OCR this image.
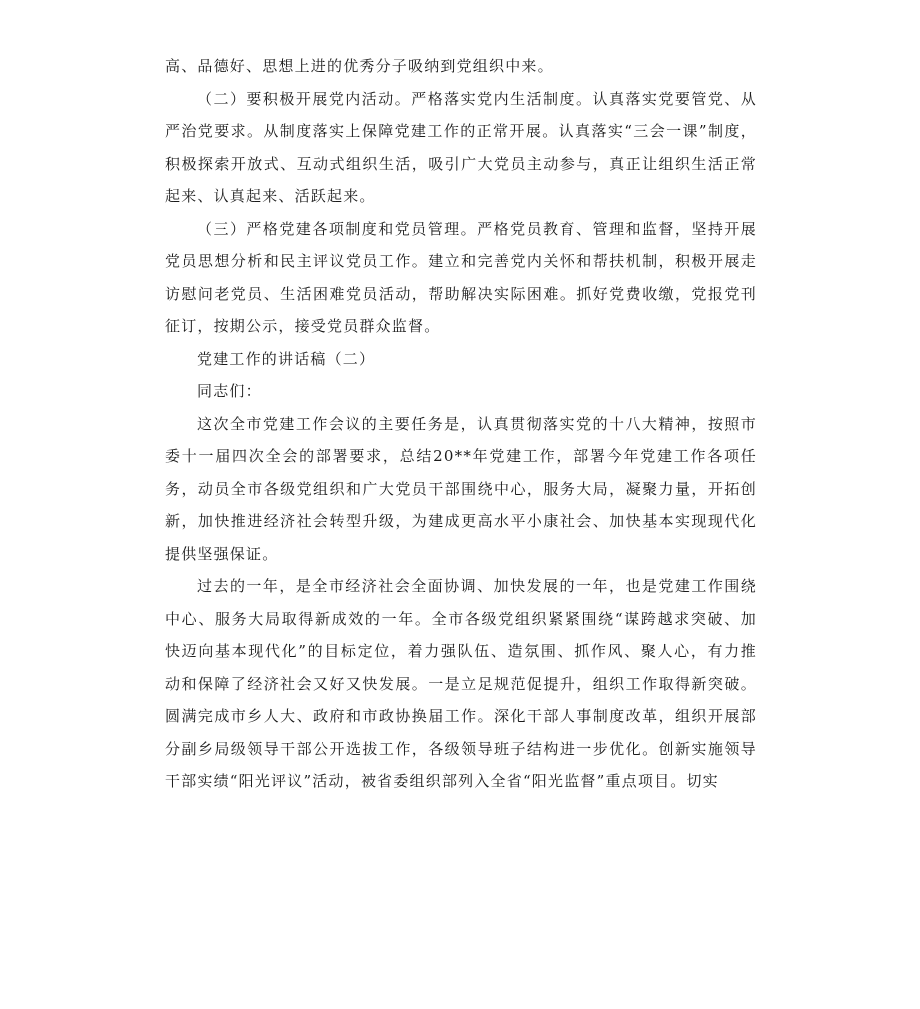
高、品德好、思想上进的优秀分子吸纳到党组织中来。

（二）要积极开展党内活动。严格落实党内生活制度。认真落实党要管党、从严治党要求。从制度落实上保障党建工作的正常开展。认真落实“三会一课”制度，积极探索开放式、互动式组织生活，吸引广大党员主动参与，真正让组织生活正常起来、认真起来、活跃起来。

（三）严格党建各项制度和党员管理。严格党员教育、管理和监督，坚持开展党员思想分析和民主评议党员工作。建立和完善党内关怀和帮扶机制，积极开展走访慰问老党员、生活困难党员活动，帮助解决实际困难。抓好党费收缴，党报党刊征订，按期公示，接受党员群众监督。

党建工作的讲话稿（二）

同志们：

这次全市党建工作会议的主要任务是，认真贯彻落实党的十八大精神，按照市委十一届四次全会的部署要求，总结20**年党建工作，部署今年党建工作各项任务，动员全市各级党组织和广大党员干部围绕中心，服务大局，凝聚力量，开拓创新，加快推进经济社会转型升级，为建成更高水平小康社会、加快基本实现现代化提供坚强保证。

过去的一年，是全市经济社会全面协调、加快发展的一年，也是党建工作围绕中心、服务大局取得新成效的一年。全市各级党组织紧紧围绕“谋跨越求突破、加快迈向基本现代化”的目标定位，着力强队伍、造氛围、抓作风、聚人心，有力推动和保障了经济社会又好又快发展。一是立足规范促提升，组织工作取得新突破。圆满完成市乡人大、政府和市政协换届工作。深化干部人事制度改革，组织开展部分副乡局级领导干部公开选拔工作，各级领导班子结构进一步优化。创新实施领导干部实绩“阳光评议”活动，被省委组织部列入全省“阳光监督”重点项目。切实
